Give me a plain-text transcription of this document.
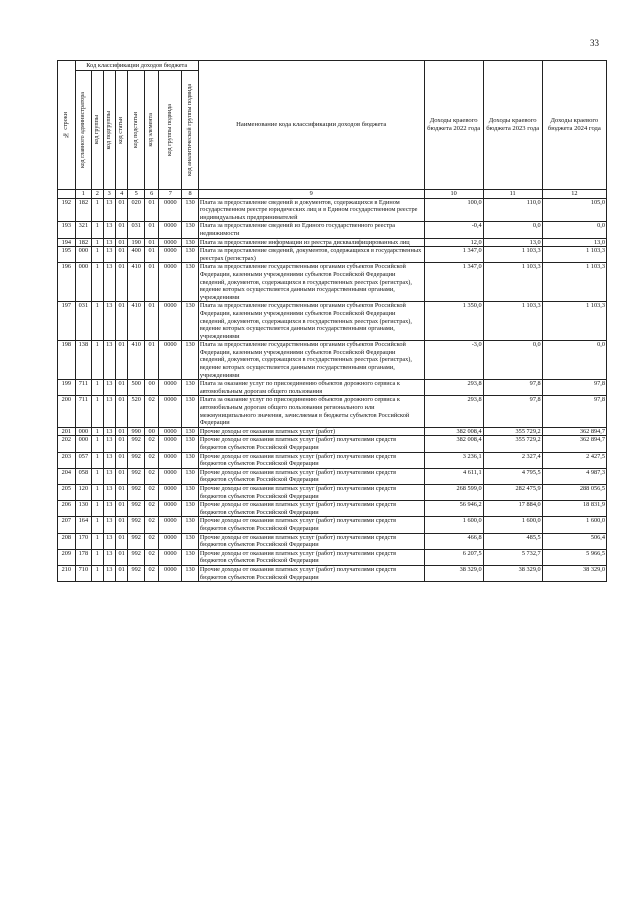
33
№ строки	Код классификации доходов бюджета								Наименование кода классификации доходов бюджета	Доходы краевого бюджета 2022 года	Доходы краевого бюджета 2023 года	Доходы краевого бюджета 2024 года

	код главного администратора	код группы	код подгруппы	код статьи	код подстатьи	код элемента	код группы подвида	код аналитической группы подвида				

	1	2	3	4	5	6	7	8	9	10	11	12
192	182	1	13	01	020	01	0000	130	Плата за предоставление сведений и документов, содержащихся в Едином государственном реестре юридических лиц и в Едином государственном реестре индивидуальных предпринимателей	100,0	110,0	105,0
193	321	1	13	01	031	01	0000	130	Плата за предоставление сведений из Единого государственного реестра недвижимости	-0,4	0,0	0,0
194	182	1	13	01	190	01	0000	130	Плата за предоставление информации из реестра дисквалифицированных лиц	12,0	13,0	13,0
195	000	1	13	01	400	01	0000	130	Плата за предоставление сведений, документов, содержащихся в государственных реестрах (регистрах)	1 347,0	1 103,3	1 103,3
196	000	1	13	01	410	01	0000	130	Плата за предоставление государственными органами субъектов Российской Федерации, казенными учреждениями субъектов Российской Федерации сведений, документов, содержащихся в государственных реестрах (регистрах), ведение которых осуществляется данными государственными органами, учреждениями	1 347,0	1 103,3	1 103,3
197	031	1	13	01	410	01	0000	130	Плата за предоставление государственными органами субъектов Российской Федерации, казенными учреждениями субъектов Российской Федерации сведений, документов, содержащихся в государственных реестрах (регистрах), ведение которых осуществляется данными государственными органами, учреждениями	1 350,0	1 103,3	1 103,3
198	138	1	13	01	410	01	0000	130	Плата за предоставление государственными органами субъектов Российской Федерации, казенными учреждениями субъектов Российской Федерации сведений, документов, содержащихся в государственных реестрах (регистрах), ведение которых осуществляется данными государственными органами, учреждениями	-3,0	0,0	0,0
199	711	1	13	01	500	00	0000	130	Плата за оказание услуг по присоединению объектов дорожного сервиса к автомобильным дорогам общего пользования	293,8	97,8	97,8
200	711	1	13	01	520	02	0000	130	Плата за оказание услуг по присоединению объектов дорожного сервиса к автомобильным дорогам общего пользования регионального или межмуниципального значения, зачисляемая в бюджеты субъектов Российской Федерации	293,8	97,8	97,8
201	000	1	13	01	990	00	0000	130	Прочие доходы от оказания платных услуг (работ)	382 008,4	355 729,2	362 894,7
202	000	1	13	01	992	02	0000	130	Прочие доходы от оказания платных услуг (работ) получателями средств бюджетов субъектов Российской Федерации	382 008,4	355 729,2	362 894,7
203	057	1	13	01	992	02	0000	130	Прочие доходы от оказания платных услуг (работ) получателями средств бюджетов субъектов Российской Федерации	3 236,1	2 327,4	2 427,5
204	058	1	13	01	992	02	0000	130	Прочие доходы от оказания платных услуг (работ) получателями средств бюджетов субъектов Российской Федерации	4 611,1	4 795,5	4 987,3
205	120	1	13	01	992	02	0000	130	Прочие доходы от оказания платных услуг (работ) получателями средств бюджетов субъектов Российской Федерации	268 599,0	282 475,9	288 056,5
206	130	1	13	01	992	02	0000	130	Прочие доходы от оказания платных услуг (работ) получателями средств бюджетов субъектов Российской Федерации	56 946,2	17 884,0	18 831,9
207	164	1	13	01	992	02	0000	130	Прочие доходы от оказания платных услуг (работ) получателями средств бюджетов субъектов Российской Федерации	1 600,0	1 600,0	1 600,0
208	170	1	13	01	992	02	0000	130	Прочие доходы от оказания платных услуг (работ) получателями средств бюджетов субъектов Российской Федерации	466,8	485,5	506,4
209	178	1	13	01	992	02	0000	130	Прочие доходы от оказания платных услуг (работ) получателями средств бюджетов субъектов Российской Федерации	6 207,5	5 732,7	5 966,5
210	710	1	13	01	992	02	0000	130	Прочие доходы от оказания платных услуг (работ) получателями средств бюджетов субъектов Российской Федерации	38 329,0	38 329,0	38 329,0
